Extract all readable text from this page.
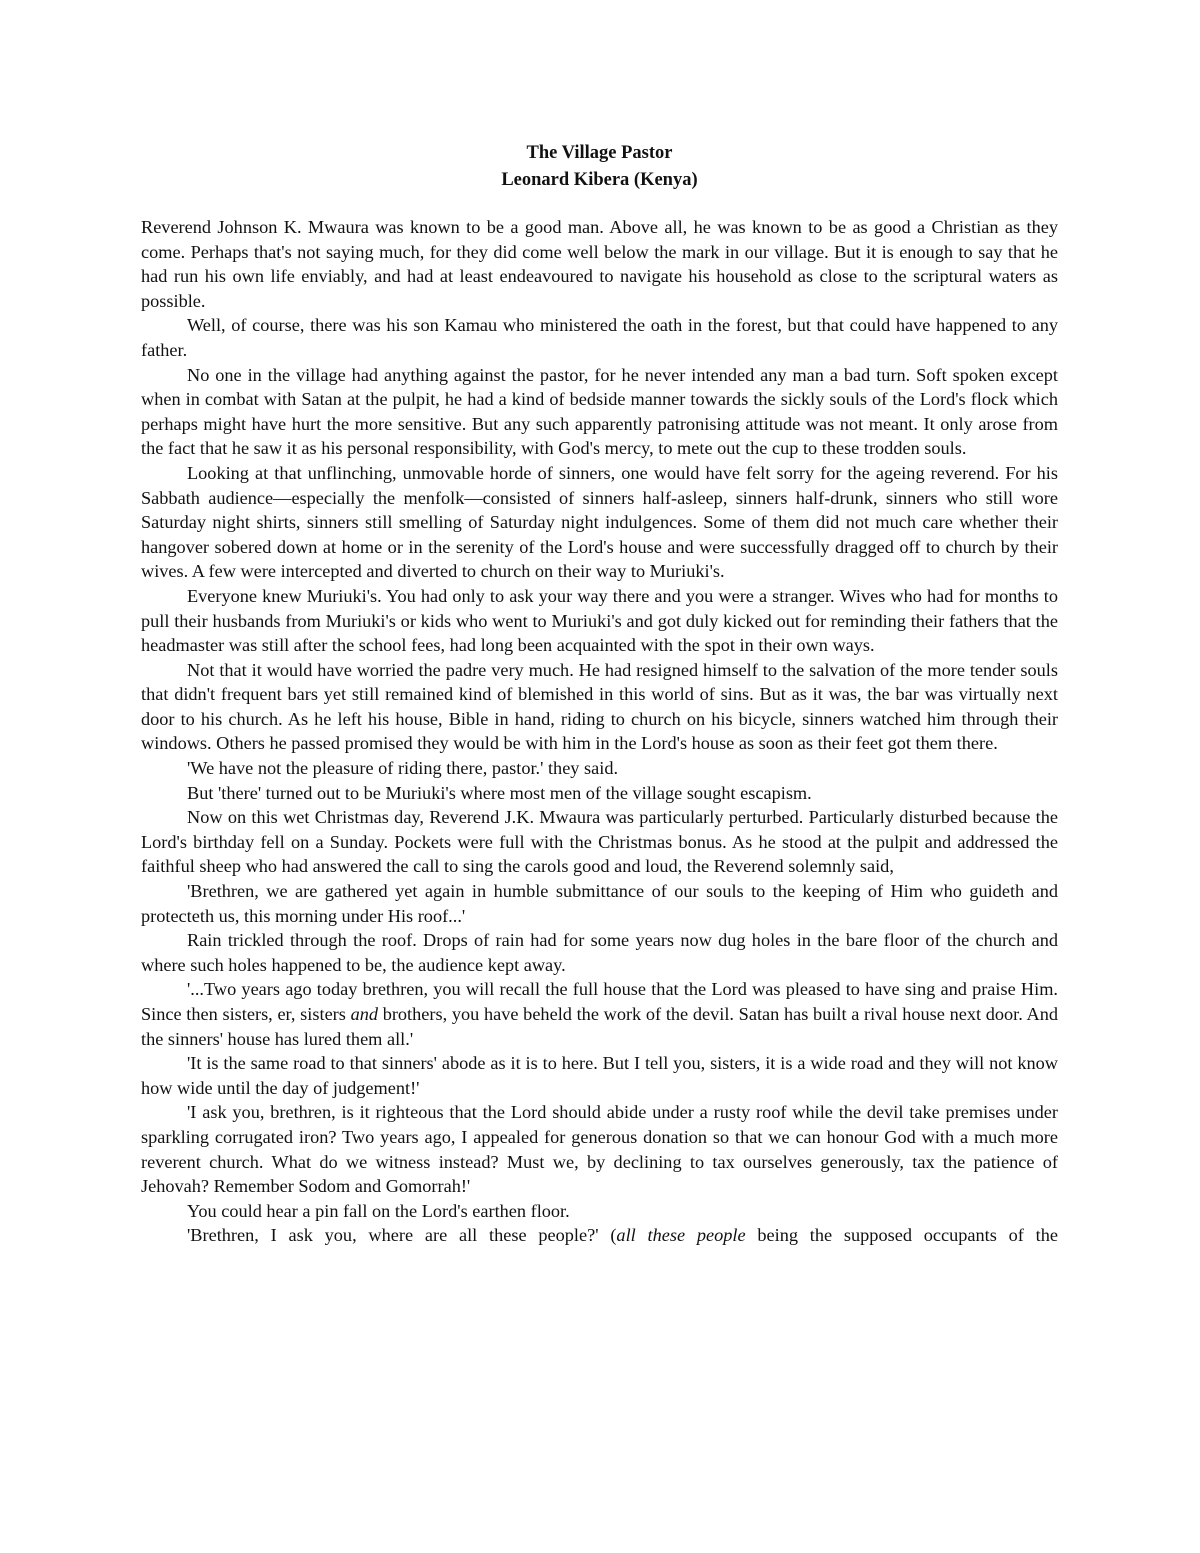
The Village Pastor
Leonard Kibera (Kenya)

Reverend Johnson K. Mwaura was known to be a good man. Above all, he was known to be as good a Christian as they come. Perhaps that's not saying much, for they did come well below the mark in our village. But it is enough to say that he had run his own life enviably, and had at least endeavoured to navigate his household as close to the scriptural waters as possible.

Well, of course, there was his son Kamau who ministered the oath in the forest, but that could have happened to any father.

No one in the village had anything against the pastor, for he never intended any man a bad turn. Soft spoken except when in combat with Satan at the pulpit, he had a kind of bedside manner towards the sickly souls of the Lord's flock which perhaps might have hurt the more sensitive. But any such apparently patronising attitude was not meant. It only arose from the fact that he saw it as his personal responsibility, with God's mercy, to mete out the cup to these trodden souls.

Looking at that unflinching, unmovable horde of sinners, one would have felt sorry for the ageing reverend. For his Sabbath audience—especially the menfolk—consisted of sinners half-asleep, sinners half-drunk, sinners who still wore Saturday night shirts, sinners still smelling of Saturday night indulgences. Some of them did not much care whether their hangover sobered down at home or in the serenity of the Lord's house and were successfully dragged off to church by their wives. A few were intercepted and diverted to church on their way to Muriuki's.

Everyone knew Muriuki's. You had only to ask your way there and you were a stranger. Wives who had for months to pull their husbands from Muriuki's or kids who went to Muriuki's and got duly kicked out for reminding their fathers that the headmaster was still after the school fees, had long been acquainted with the spot in their own ways.

Not that it would have worried the padre very much. He had resigned himself to the salvation of the more tender souls that didn't frequent bars yet still remained kind of blemished in this world of sins. But as it was, the bar was virtually next door to his church. As he left his house, Bible in hand, riding to church on his bicycle, sinners watched him through their windows. Others he passed promised they would be with him in the Lord's house as soon as their feet got them there.

'We have not the pleasure of riding there, pastor.' they said.

But 'there' turned out to be Muriuki's where most men of the village sought escapism.

Now on this wet Christmas day, Reverend J.K. Mwaura was particularly perturbed. Particularly disturbed because the Lord's birthday fell on a Sunday. Pockets were full with the Christmas bonus. As he stood at the pulpit and addressed the faithful sheep who had answered the call to sing the carols good and loud, the Reverend solemnly said,

'Brethren, we are gathered yet again in humble submittance of our souls to the keeping of Him who guideth and protecteth us, this morning under His roof...'

Rain trickled through the roof. Drops of rain had for some years now dug holes in the bare floor of the church and where such holes happened to be, the audience kept away.

'...Two years ago today brethren, you will recall the full house that the Lord was pleased to have sing and praise Him. Since then sisters, er, sisters and brothers, you have beheld the work of the devil. Satan has built a rival house next door. And the sinners' house has lured them all.'

'It is the same road to that sinners' abode as it is to here. But I tell you, sisters, it is a wide road and they will not know how wide until the day of judgement!'

'I ask you, brethren, is it righteous that the Lord should abide under a rusty roof while the devil take premises under sparkling corrugated iron? Two years ago, I appealed for generous donation so that we can honour God with a much more reverent church. What do we witness instead? Must we, by declining to tax ourselves generously, tax the patience of Jehovah? Remember Sodom and Gomorrah!'

You could hear a pin fall on the Lord's earthen floor.

'Brethren, I ask you, where are all these people?' (all these people being the supposed occupants of the
